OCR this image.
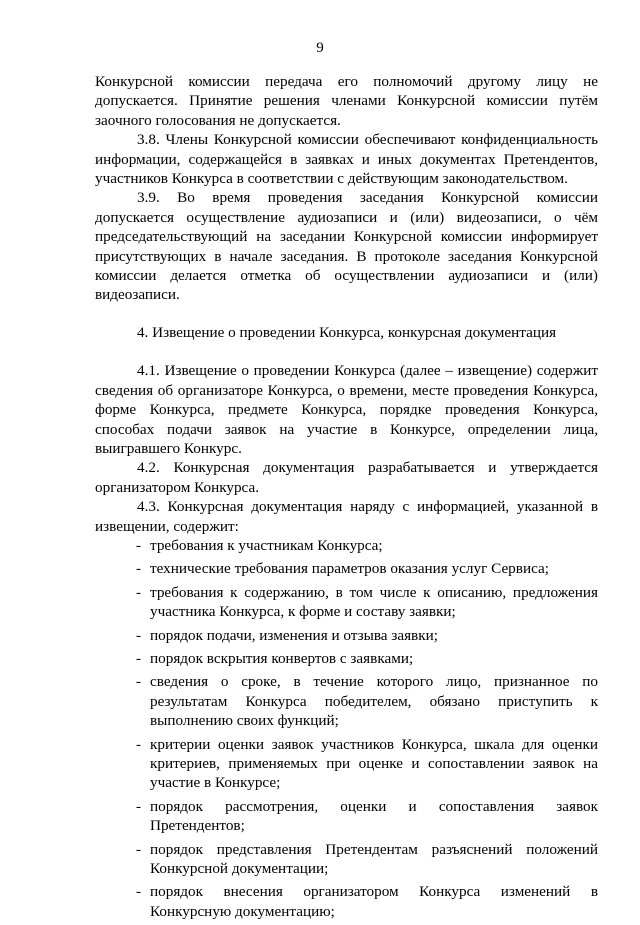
9

Конкурсной комиссии передача его полномочий другому лицу не допускается. Принятие решения членами Конкурсной комиссии путём заочного голосования не допускается.

3.8. Члены Конкурсной комиссии обеспечивают конфиденциальность информации, содержащейся в заявках и иных документах Претендентов, участников Конкурса в соответствии с действующим законодательством.

3.9. Во время проведения заседания Конкурсной комиссии допускается осуществление аудиозаписи и (или) видеозаписи, о чём председательствующий на заседании Конкурсной комиссии информирует присутствующих в начале заседания. В протоколе заседания Конкурсной комиссии делается отметка об осуществлении аудиозаписи и (или) видеозаписи.

4. Извещение о проведении Конкурса, конкурсная документация

4.1. Извещение о проведении Конкурса (далее – извещение) содержит сведения об организаторе Конкурса, о времени, месте проведения Конкурса, форме Конкурса, предмете Конкурса, порядке проведения Конкурса, способах подачи заявок на участие в Конкурсе, определении лица, выигравшего Конкурс.

4.2. Конкурсная документация разрабатывается и утверждается организатором Конкурса.

4.3. Конкурсная документация наряду с информацией, указанной в извещении, содержит:

- требования к участникам Конкурса;
- технические требования параметров оказания услуг Сервиса;
- требования к содержанию, в том числе к описанию, предложения участника Конкурса, к форме и составу заявки;
- порядок подачи, изменения и отзыва заявки;
- порядок вскрытия конвертов с заявками;
- сведения о сроке, в течение которого лицо, признанное по результатам Конкурса победителем, обязано приступить к выполнению своих функций;
- критерии оценки заявок участников Конкурса, шкала для оценки критериев, применяемых при оценке и сопоставлении заявок на участие в Конкурсе;
- порядок рассмотрения, оценки и сопоставления заявок Претендентов;
- порядок представления Претендентам разъяснений положений Конкурсной документации;
- порядок внесения организатором Конкурса изменений в Конкурсную документацию;
